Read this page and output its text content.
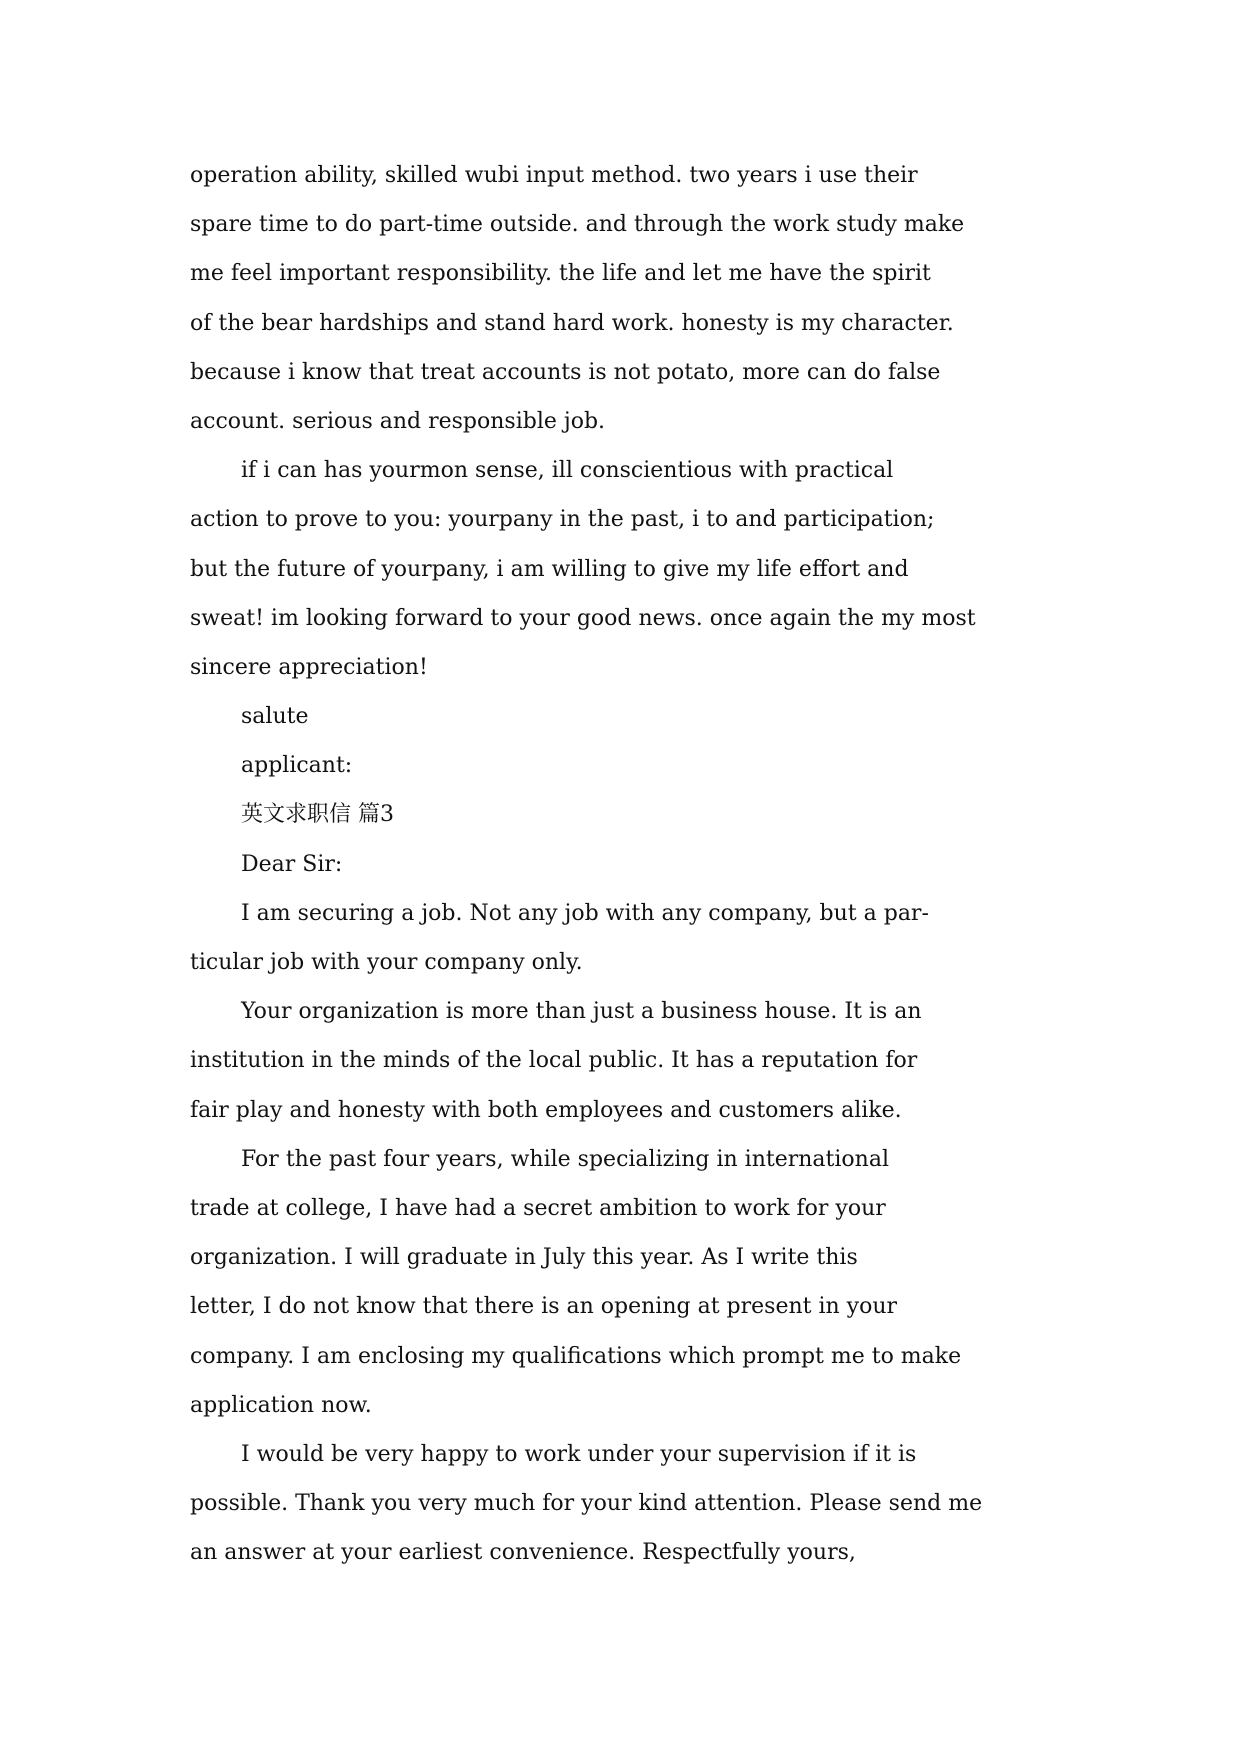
operation ability, skilled wubi input method. two years i use their
spare time to do part-time outside. and through the work study make
me feel important responsibility. the life and let me have the spirit
of the bear hardships and stand hard work. honesty is my character.
because i know that treat accounts is not potato, more can do false
account. serious and responsible job.
if i can has yourmon sense, ill conscientious with practical
action to prove to you: yourpany in the past, i to and participation;
but the future of yourpany, i am willing to give my life effort and
sweat! im looking forward to your good news. once again the my most
sincere appreciation!
salute
applicant:
英文求职信 篇3
Dear Sir:
I am securing a job. Not any job with any company, but a par-
ticular job with your company only.
Your organization is more than just a business house. It is an
institution in the minds of the local public. It has a reputation for
fair play and honesty with both employees and customers alike.
For the past four years, while specializing in international
trade at college, I have had a secret ambition to work for your
organization. I will graduate in July this year. As I write this
letter, I do not know that there is an opening at present in your
company. I am enclosing my qualifications which prompt me to make
application now.
I would be very happy to work under your supervision if it is
possible. Thank you very much for your kind attention. Please send me
an answer at your earliest convenience. Respectfully yours,
